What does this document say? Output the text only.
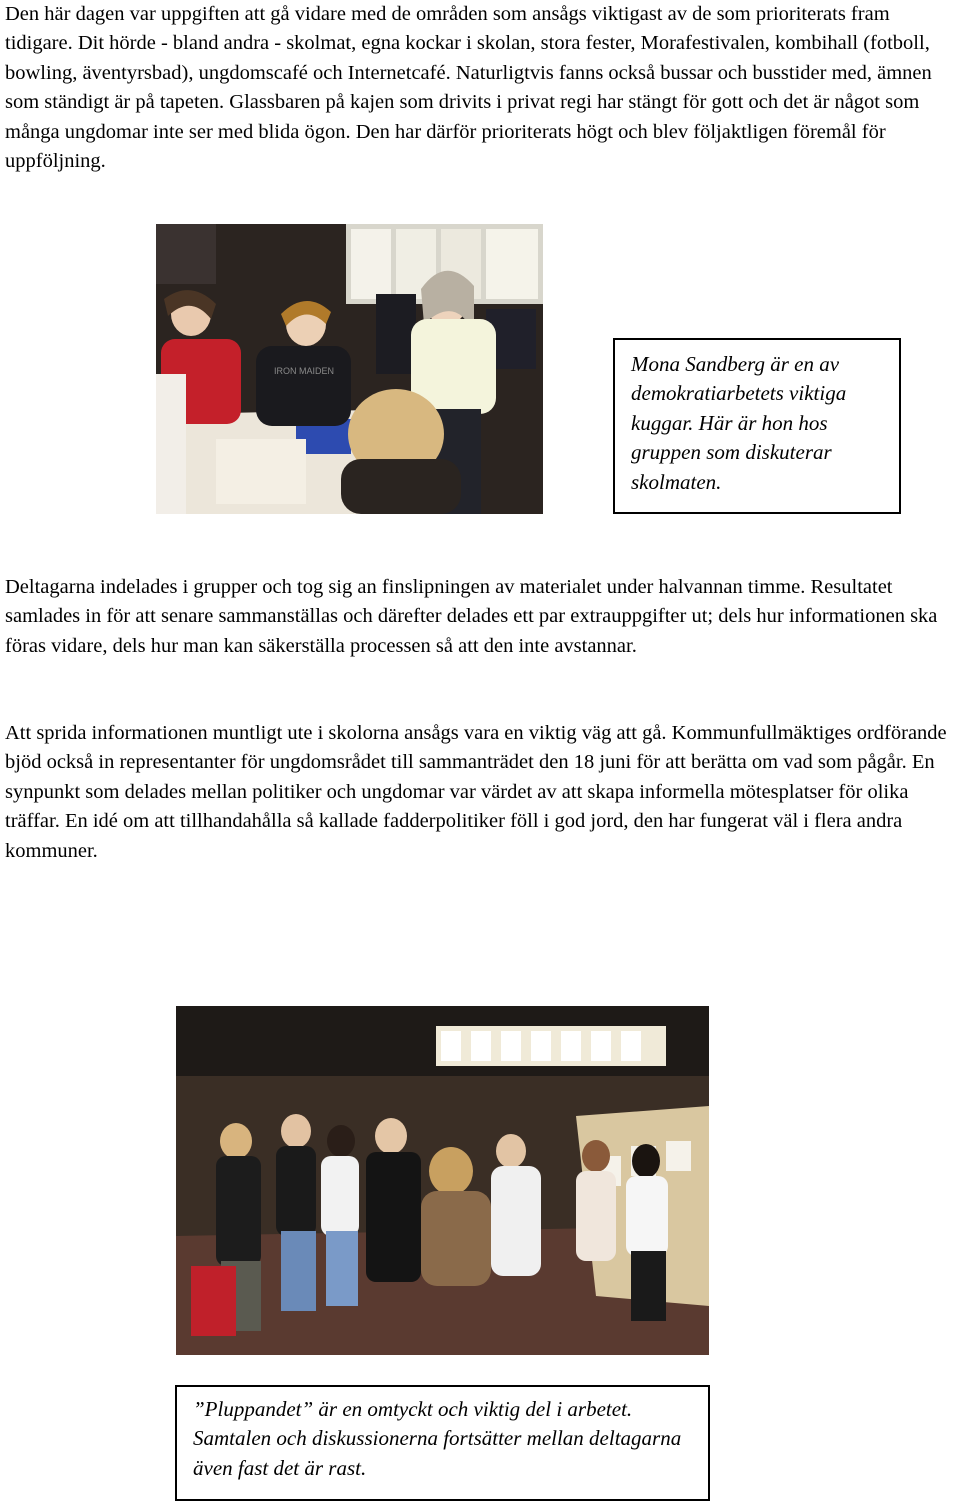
Den här dagen var uppgiften att gå vidare med de områden som ansågs viktigast av de som prioriterats fram tidigare. Dit hörde - bland andra - skolmat, egna kockar i skolan, stora fester, Morafestivalen, kombihall (fotboll, bowling, äventyrsbad), ungdomscafé och Internetcafé. Naturligtvis fanns också bussar och busstider med, ämnen som ständigt är på tapeten. Glassbaren på kajen som drivits i privat regi har stängt för gott och det är något som många ungdomar inte ser med blida ögon. Den har därför prioriterats högt och blev följaktligen föremål för uppföljning.

IRON MAIDEN	Mona Sandberg är en av demokratiarbetets viktiga kuggar. Här är hon hos gruppen som diskuterar skolmaten.

Deltagarna indelades i grupper och tog sig an finslipningen av materialet under halvannan timme. Resultatet samlades in för att senare sammanställas och därefter delades ett par extrauppgifter ut; dels hur informationen ska föras vidare, dels hur man kan säkerställa processen så att den inte avstannar.

Att sprida informationen muntligt ute i skolorna ansågs vara en viktig väg att gå. Kommunfullmäktiges ordförande bjöd också in representanter för ungdomsrådet till sammanträdet den 18 juni för att berätta om vad som pågår. En synpunkt som delades mellan politiker och ungdomar var värdet av att skapa informella mötesplatser för olika träffar. En idé om att tillhandahålla så kallade fadderpolitiker föll i god jord, den har fungerat väl i flera andra kommuner.

”Pluppandet” är en omtyckt och viktig del i arbetet. Samtalen och diskussionerna fortsätter mellan deltagarna även fast det är rast.
